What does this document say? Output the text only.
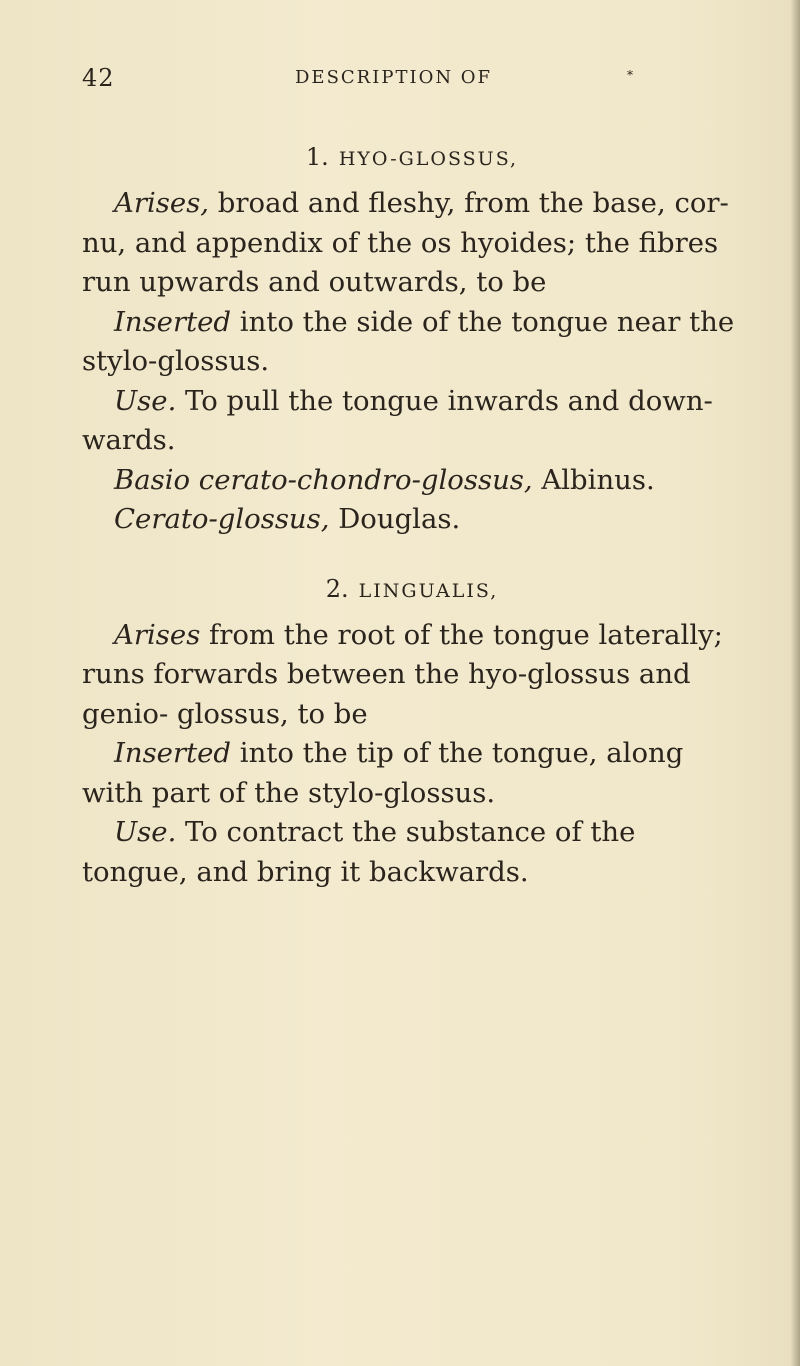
42	DESCRIPTION OF	*
1. HYO-GLOSSUS,

Arises, broad and fleshy, from the base, cor- nu, and appendix of the os hyoides; the fibres run upwards and outwards, to be

Inserted into the side of the tongue near the stylo-glossus.

Use. To pull the tongue inwards and down- wards.

Basio cerato-chondro-glossus, Albinus.

Cerato-glossus, Douglas.

2. LINGUALIS,

Arises from the root of the tongue laterally; runs forwards between the hyo-glossus and genio- glossus, to be

Inserted into the tip of the tongue, along with part of the stylo-glossus.

Use. To contract the substance of the tongue, and bring it backwards.
